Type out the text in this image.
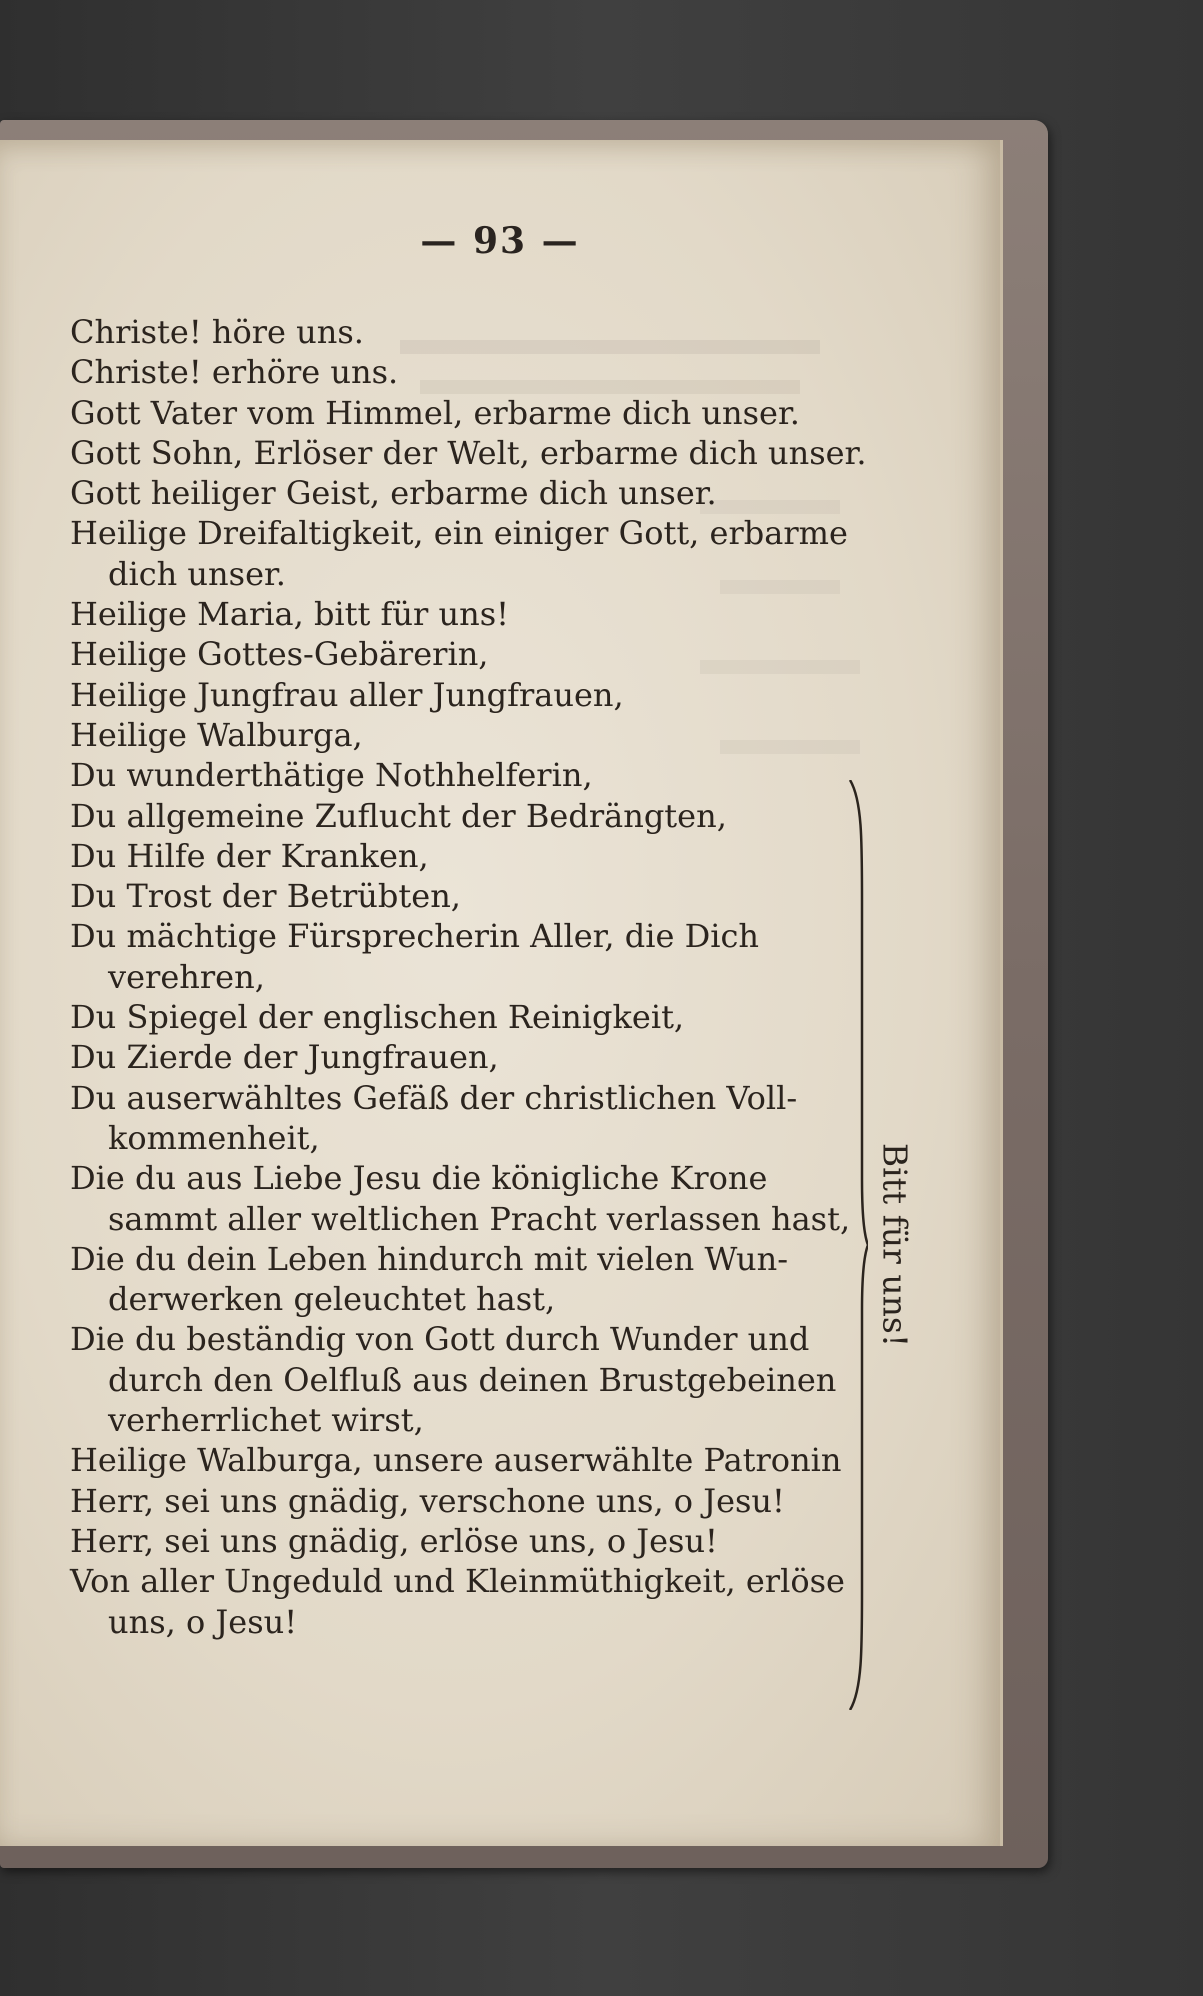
— 93 —
Christe! höre uns.
Christe! erhöre uns.
Gott Vater vom Himmel, erbarme dich unser.
Gott Sohn, Erlöser der Welt, erbarme dich unser.
Gott heiliger Geist, erbarme dich unser.
Heilige Dreifaltigkeit, ein einiger Gott, erbarme
dich unser.
Heilige Maria, bitt für uns!
Heilige Gottes-Gebärerin,
Heilige Jungfrau aller Jungfrauen,
Heilige Walburga,
Du wunderthätige Nothhelferin,
Du allgemeine Zuflucht der Bedrängten,
Du Hilfe der Kranken,
Du Trost der Betrübten,
Du mächtige Fürsprecherin Aller, die Dich
verehren,
Du Spiegel der englischen Reinigkeit,
Du Zierde der Jungfrauen,
Du auserwähltes Gefäß der christlichen Voll-
kommenheit,
Die du aus Liebe Jesu die königliche Krone
sammt aller weltlichen Pracht verlassen hast,
Die du dein Leben hindurch mit vielen Wun-
derwerken geleuchtet hast,
Die du beständig von Gott durch Wunder und
durch den Oelfluß aus deinen Brustgebeinen
verherrlichet wirst,
Heilige Walburga, unsere auserwählte Patronin
Herr, sei uns gnädig, verschone uns, o Jesu!
Herr, sei uns gnädig, erlöse uns, o Jesu!
Von aller Ungeduld und Kleinmüthigkeit, erlöse
uns, o Jesu!
Bitt für uns!
